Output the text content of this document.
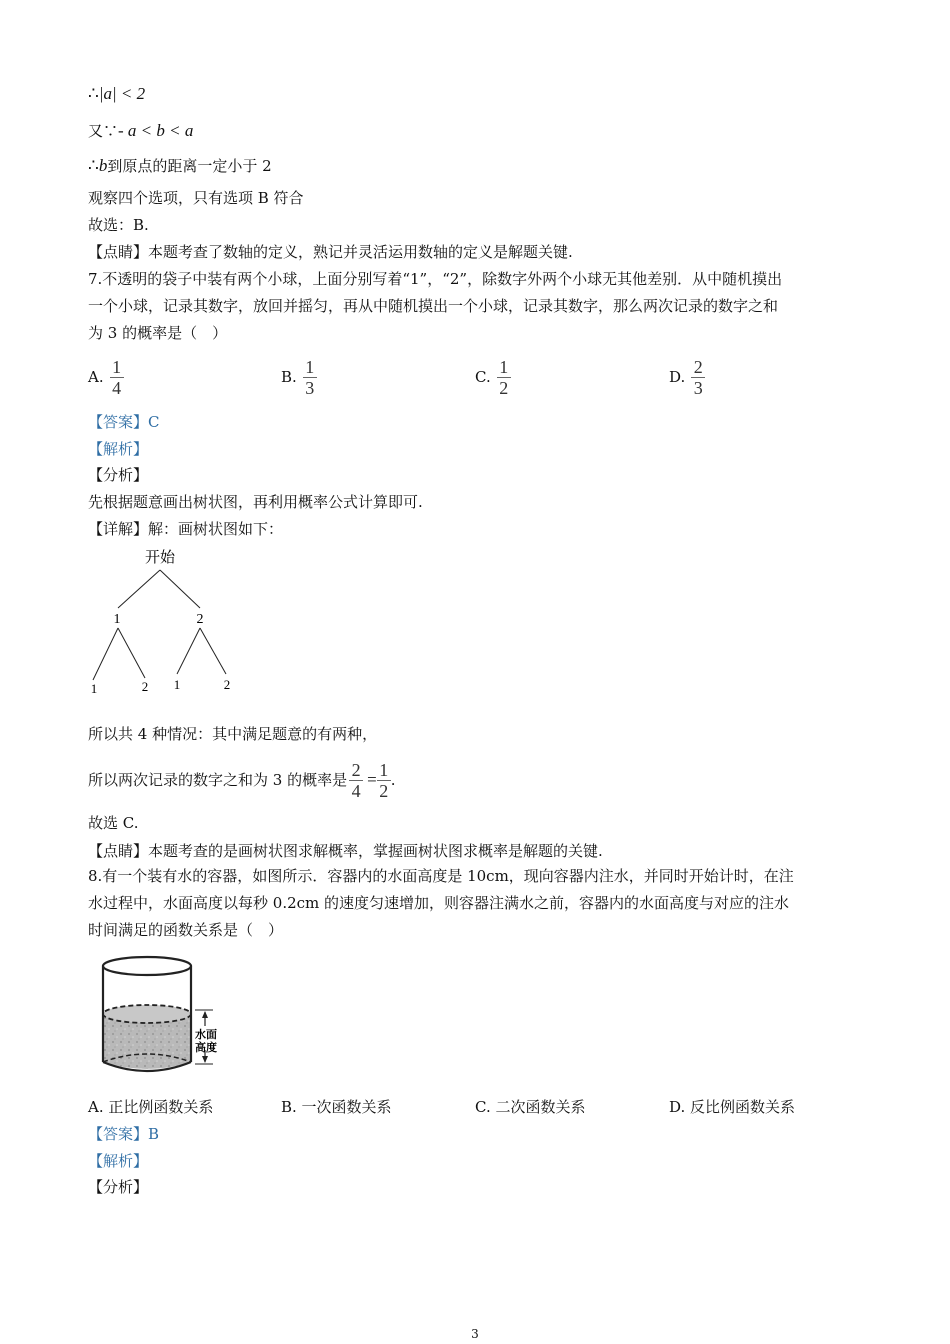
∴|a| < 2
又∵- a < b < a
∴b到原点的距离一定小于 2
观察四个选项，只有选项 B 符合
故选：B.
【点睛】本题考查了数轴的定义，熟记并灵活运用数轴的定义是解题关键.
7.不透明的袋子中装有两个小球，上面分别写着“1”，“2”，除数字外两个小球无其他差别．从中随机摸出
一个小球，记录其数字，放回并摇匀，再从中随机摸出一个小球，记录其数字，那么两次记录的数字之和
为 3 的概率是（　）
A. $\frac{1}{4}$	B. $\frac{1}{3}$	C. $\frac{1}{2}$	D. $\frac{2}{3}$
【答案】C
【解析】
【分析】
先根据题意画出树状图，再利用概率公式计算即可.
【详解】解：画树状图如下：
开始
1	2
1	2 1	2
所以共 4 种情况：其中满足题意的有两种，
所以两次记录的数字之和为 3 的概率是 $\frac{2}{4} = \frac{1}{2}$ .
故选 C.
【点睛】本题考查的是画树状图求解概率，掌握画树状图求概率是解题的关键.
8.有一个装有水的容器，如图所示．容器内的水面高度是 10cm，现向容器内注水，并同时开始计时，在注
水过程中，水面高度以每秒 0.2cm 的速度匀速增加，则容器注满水之前，容器内的水面高度与对应的注水
时间满足的函数关系是（　）
水面
高度
A. 正比例函数关系	B. 一次函数关系	C. 二次函数关系	D. 反比例函数关系
【答案】B
【解析】
【分析】
3
